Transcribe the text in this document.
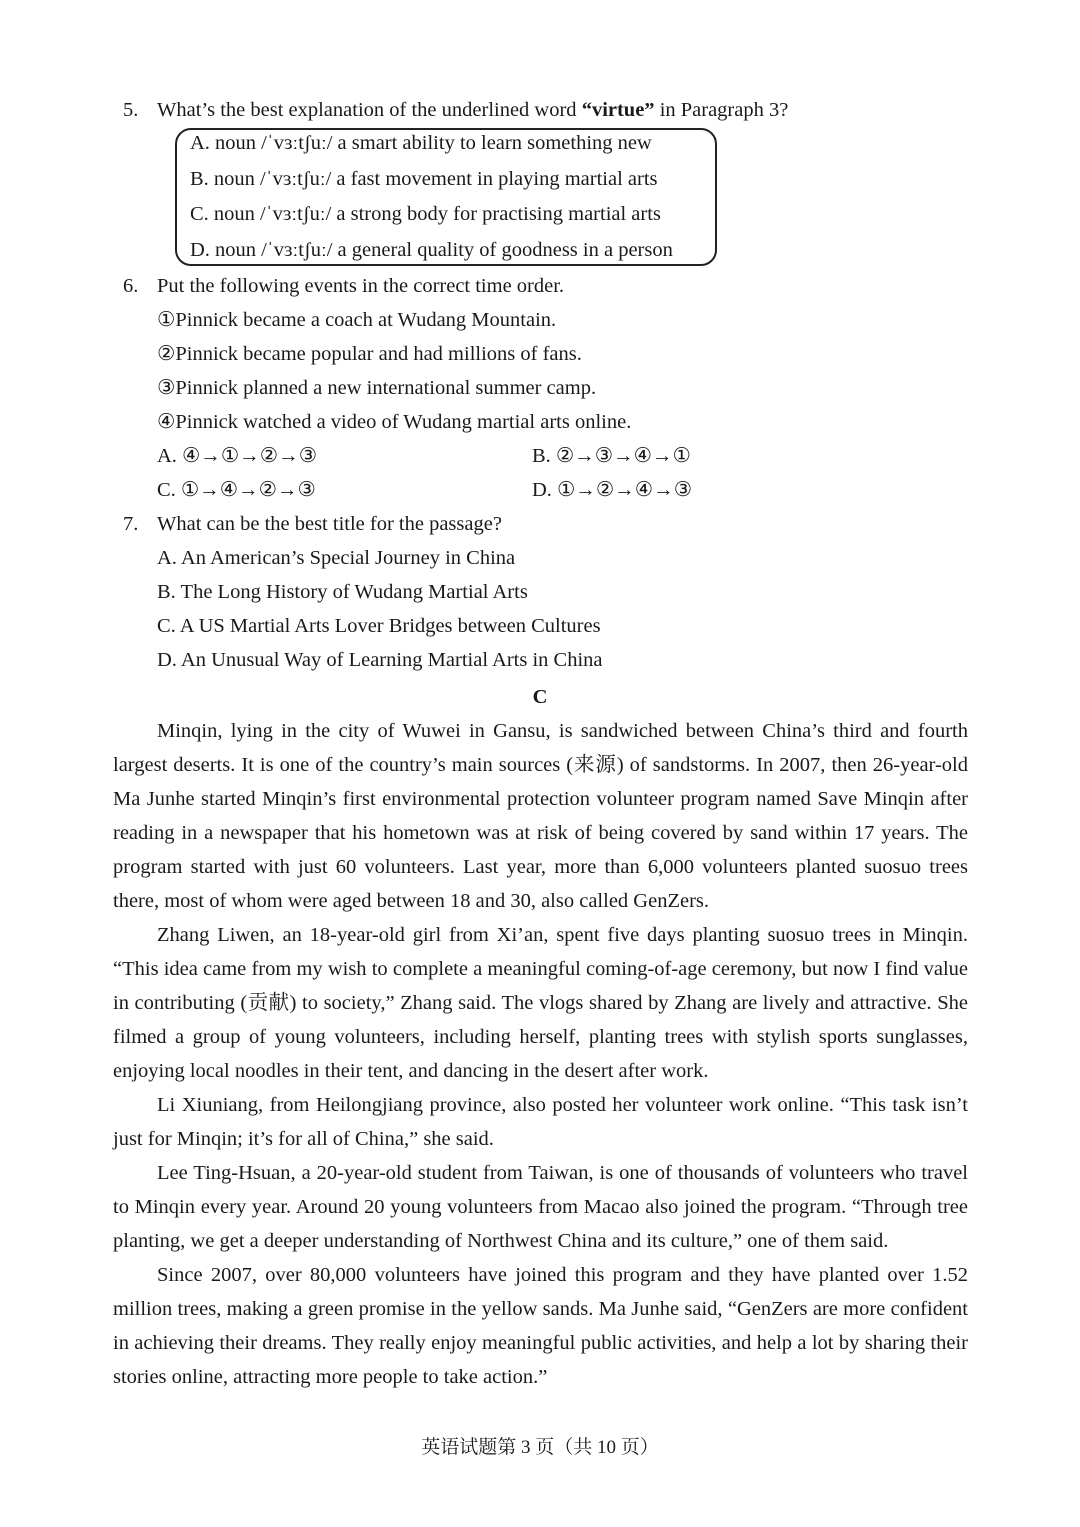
5. What’s the best explanation of the underlined word “virtue” in Paragraph 3?
A. noun /ˈvɜːtʃuː/ a smart ability to learn something new
B. noun /ˈvɜːtʃuː/ a fast movement in playing martial arts
C. noun /ˈvɜːtʃuː/ a strong body for practising martial arts
D. noun /ˈvɜːtʃuː/ a general quality of goodness in a person
6. Put the following events in the correct time order.
①Pinnick became a coach at Wudang Mountain.
②Pinnick became popular and had millions of fans.
③Pinnick planned a new international summer camp.
④Pinnick watched a video of Wudang martial arts online.
A. ④→①→②→③	B. ②→③→④→①
C. ①→④→②→③	D. ①→②→④→③
7. What can be the best title for the passage?
A. An American’s Special Journey in China
B. The Long History of Wudang Martial Arts
C. A US Martial Arts Lover Bridges between Cultures
D. An Unusual Way of Learning Martial Arts in China
C

Minqin, lying in the city of Wuwei in Gansu, is sandwiched between China’s third and fourth largest deserts. It is one of the country’s main sources (来源) of sandstorms. In 2007, then 26-year-old Ma Junhe started Minqin’s first environmental protection volunteer program named Save Minqin after reading in a newspaper that his hometown was at risk of being covered by sand within 17 years. The program started with just 60 volunteers. Last year, more than 6,000 volunteers planted suosuo trees there, most of whom were aged between 18 and 30, also called GenZers.

Zhang Liwen, an 18-year-old girl from Xi’an, spent five days planting suosuo trees in Minqin. “This idea came from my wish to complete a meaningful coming-of-age ceremony, but now I find value in contributing (贡献) to society,” Zhang said. The vlogs shared by Zhang are lively and attractive. She filmed a group of young volunteers, including herself, planting trees with stylish sports sunglasses, enjoying local noodles in their tent, and dancing in the desert after work.

Li Xiuniang, from Heilongjiang province, also posted her volunteer work online. “This task isn’t just for Minqin; it’s for all of China,” she said.

Lee Ting-Hsuan, a 20-year-old student from Taiwan, is one of thousands of volunteers who travel to Minqin every year. Around 20 young volunteers from Macao also joined the program. “Through tree planting, we get a deeper understanding of Northwest China and its culture,” one of them said.

Since 2007, over 80,000 volunteers have joined this program and they have planted over 1.52 million trees, making a green promise in the yellow sands. Ma Junhe said, “GenZers are more confident in achieving their dreams. They really enjoy meaningful public activities, and help a lot by sharing their stories online, attracting more people to take action.”

英语试题第 3 页（共 10 页）
